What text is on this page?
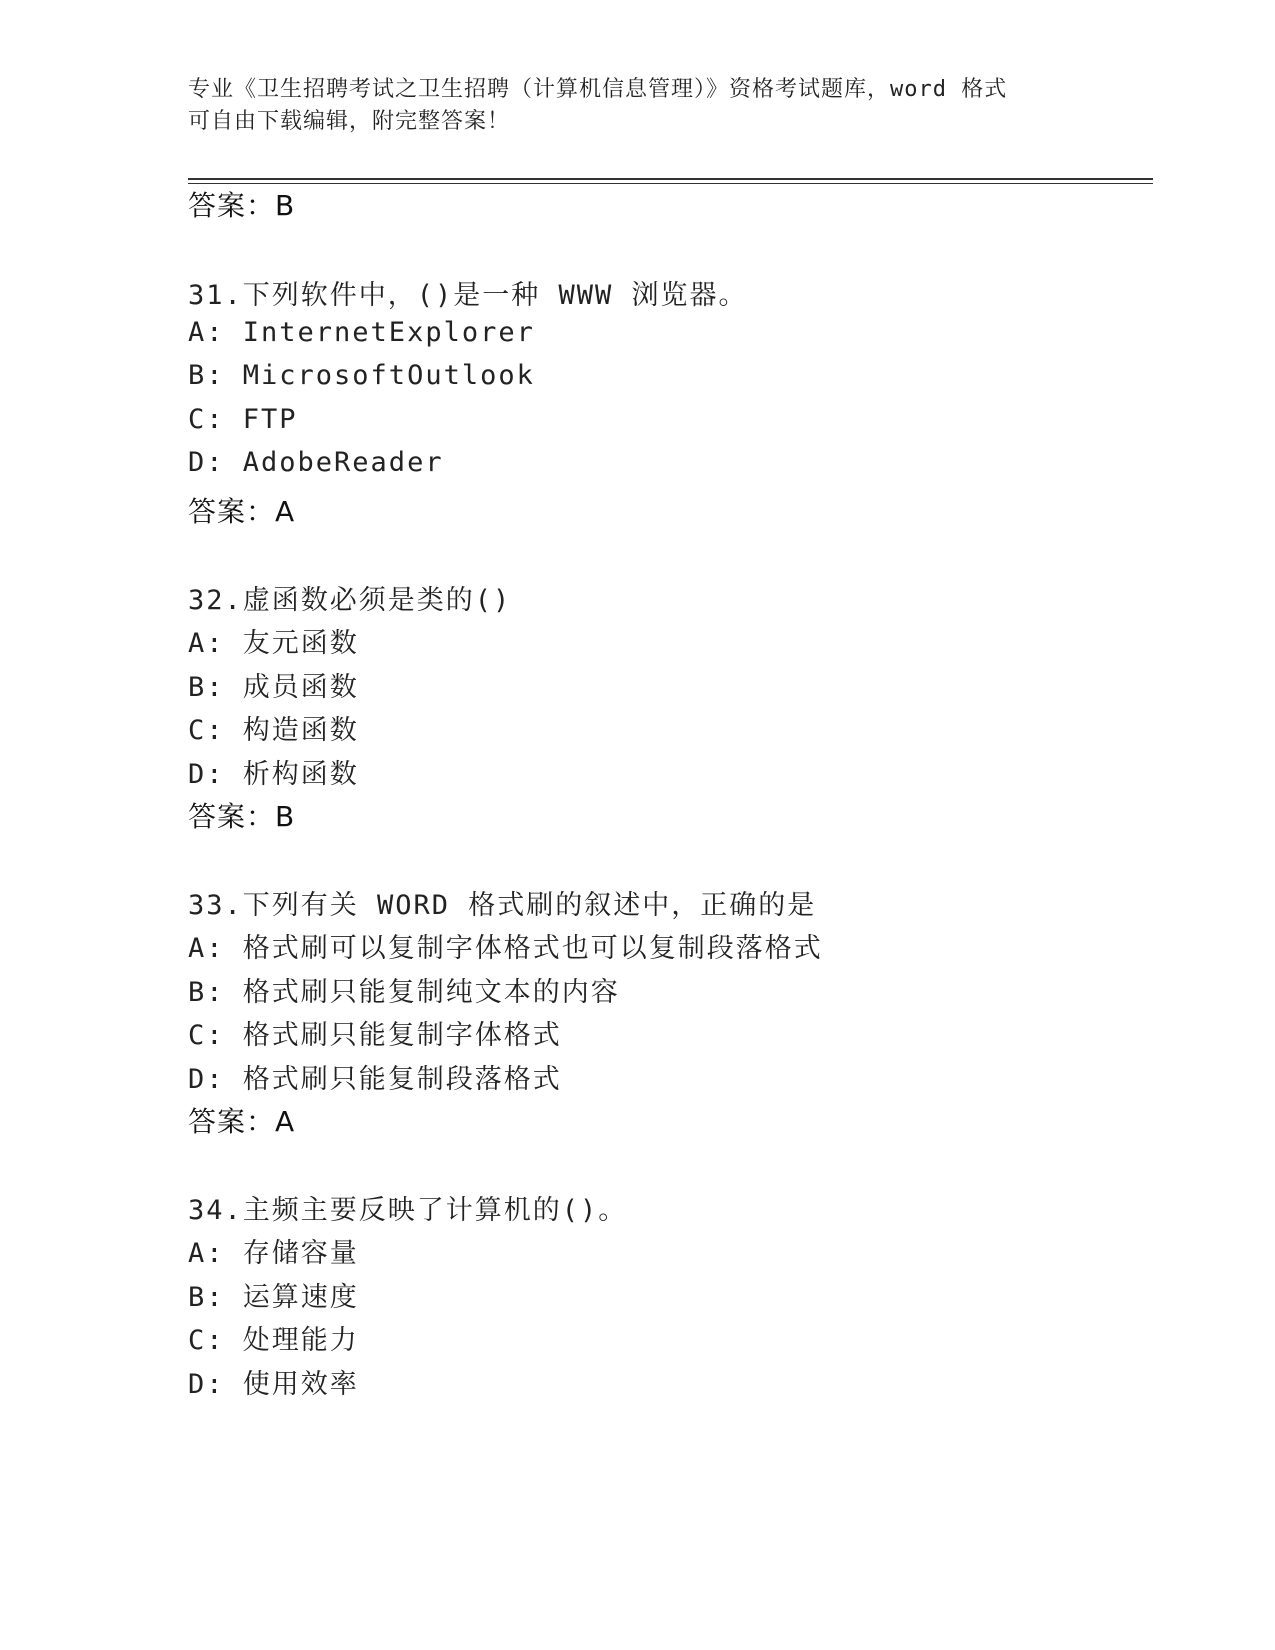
专业《卫生招聘考试之卫生招聘（计算机信息管理）》资格考试题库，word 格式
可自由下载编辑，附完整答案！
答案：B
31.下列软件中，()是一种 WWW 浏览器。
A: InternetExplorer
B: MicrosoftOutlook
C: FTP
D: AdobeReader
答案：A
32.虚函数必须是类的()
A: 友元函数
B: 成员函数
C: 构造函数
D: 析构函数
答案：B
33.下列有关 WORD 格式刷的叙述中，正确的是
A: 格式刷可以复制字体格式也可以复制段落格式
B: 格式刷只能复制纯文本的内容
C: 格式刷只能复制字体格式
D: 格式刷只能复制段落格式
答案：A
34.主频主要反映了计算机的()。
A: 存储容量
B: 运算速度
C: 处理能力
D: 使用效率
